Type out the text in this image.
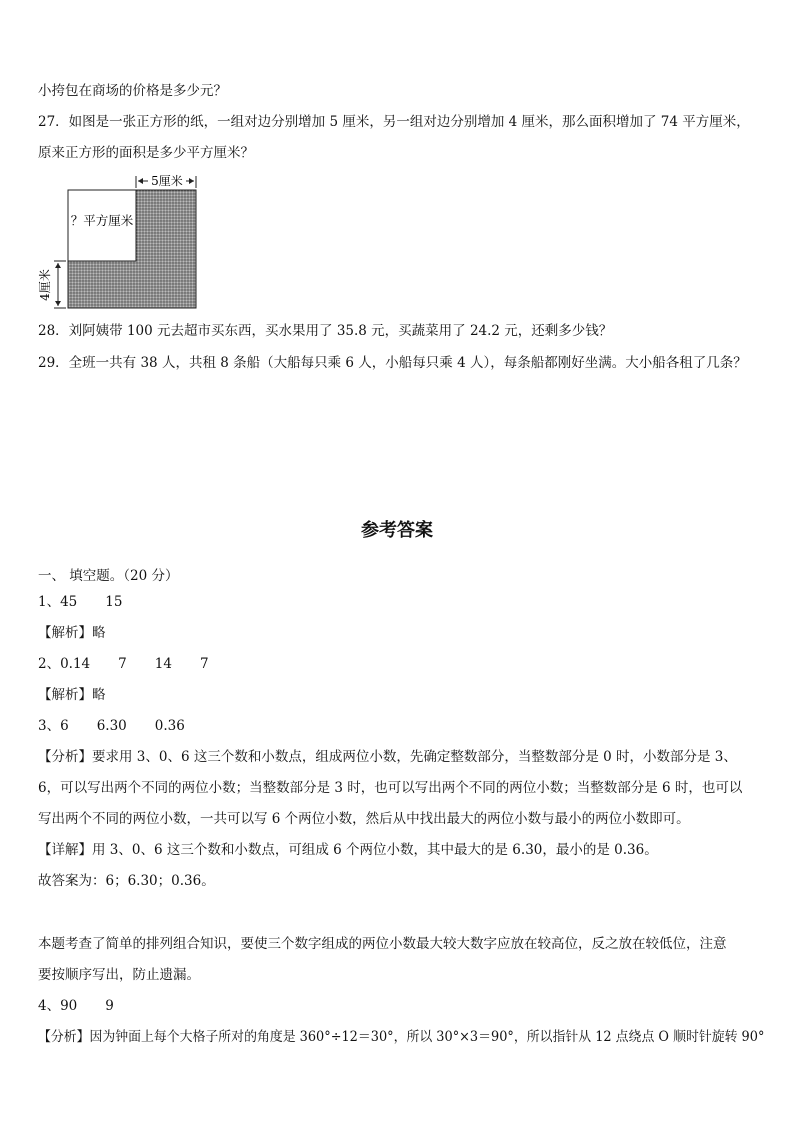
小挎包在商场的价格是多少元？
27．如图是一张正方形的纸，一组对边分别增加 5 厘米，另一组对边分别增加 4 厘米，那么面积增加了 74 平方厘米，
原来正方形的面积是多少平方厘米？
5厘米
4厘米
？平方厘米
28．刘阿姨带 100 元去超市买东西，买水果用了 35.8 元，买蔬菜用了 24.2 元，还剩多少钱？
29．全班一共有 38 人，共租 8 条船（大船每只乘 6 人，小船每只乘 4 人），每条船都刚好坐满。大小船各租了几条？
参考答案
一、 填空题。（20 分）
1、45 15
【解析】略
2、0.14 7 14 7
【解析】略
3、6 6.30 0.36
【分析】要求用 3、0、6 这三个数和小数点，组成两位小数，先确定整数部分，当整数部分是 0 时，小数部分是 3、
6，可以写出两个不同的两位小数；当整数部分是 3 时，也可以写出两个不同的两位小数；当整数部分是 6 时，也可以
写出两个不同的两位小数，一共可以写 6 个两位小数，然后从中找出最大的两位小数与最小的两位小数即可。
【详解】用 3、0、6 这三个数和小数点，可组成 6 个两位小数，其中最大的是 6.30，最小的是 0.36。
故答案为：6；6.30；0.36。
本题考查了简单的排列组合知识，要使三个数字组成的两位小数最大较大数字应放在较高位，反之放在较低位，注意
要按顺序写出，防止遗漏。
4、90 9
【分析】因为钟面上每个大格子所对的角度是 360°÷12＝30°，所以 30°×3＝90°，所以指针从 12 点绕点 O 顺时针旋转 90°
